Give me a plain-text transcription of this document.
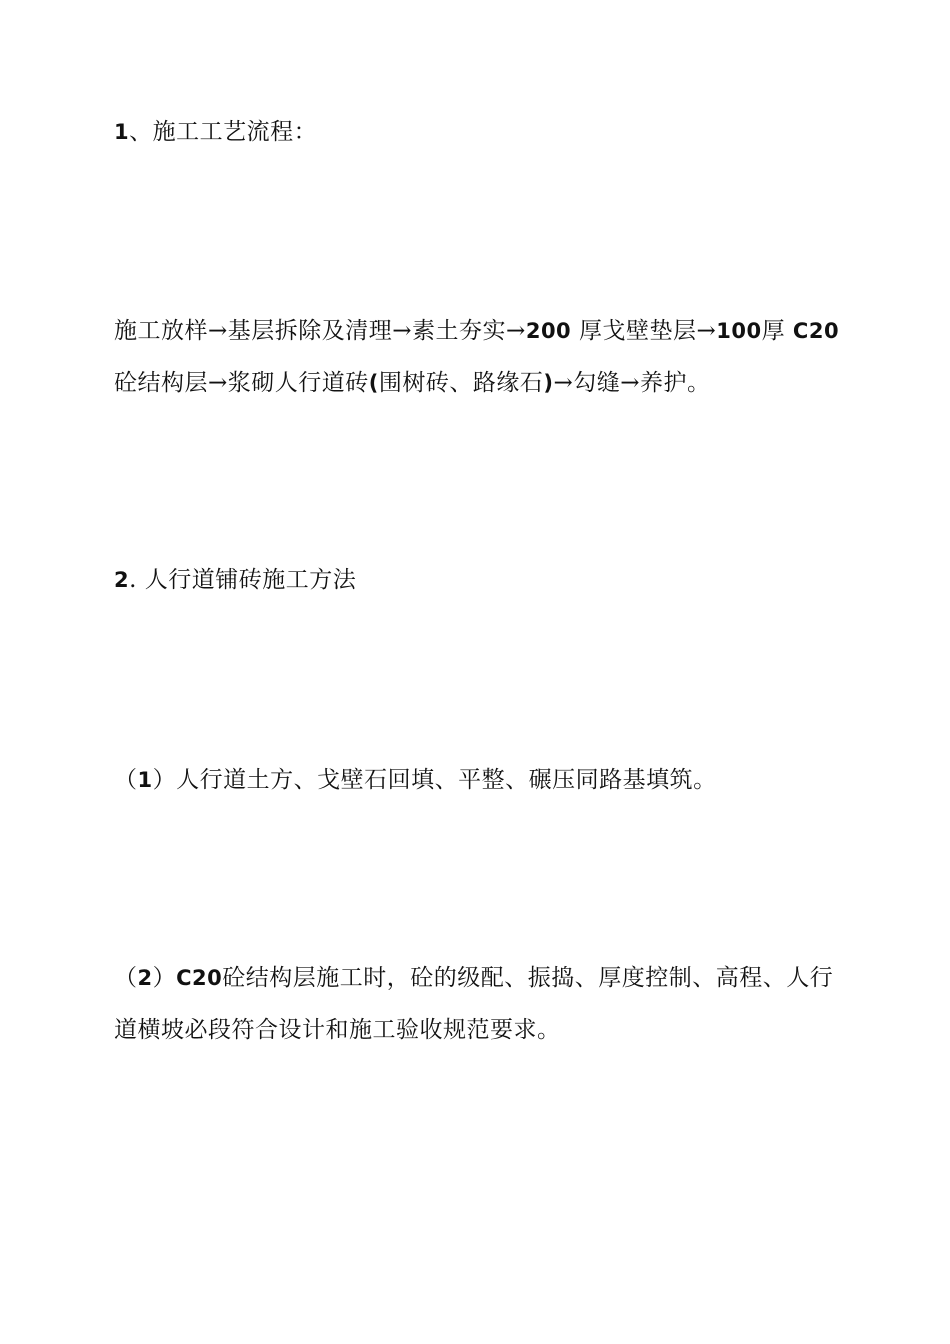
1、施工工艺流程：
施工放样→基层拆除及清理→素土夯实→200 厚戈壁垫层→100厚 C20 砼结构层→浆砌人行道砖(围树砖、路缘石)→勾缝→养护。
2. 人行道铺砖施工方法
（1）人行道土方、戈壁石回填、平整、碾压同路基填筑。
（2）C20砼结构层施工时，砼的级配、振捣、厚度控制、高程、人行道横坡必段符合设计和施工验收规范要求。
